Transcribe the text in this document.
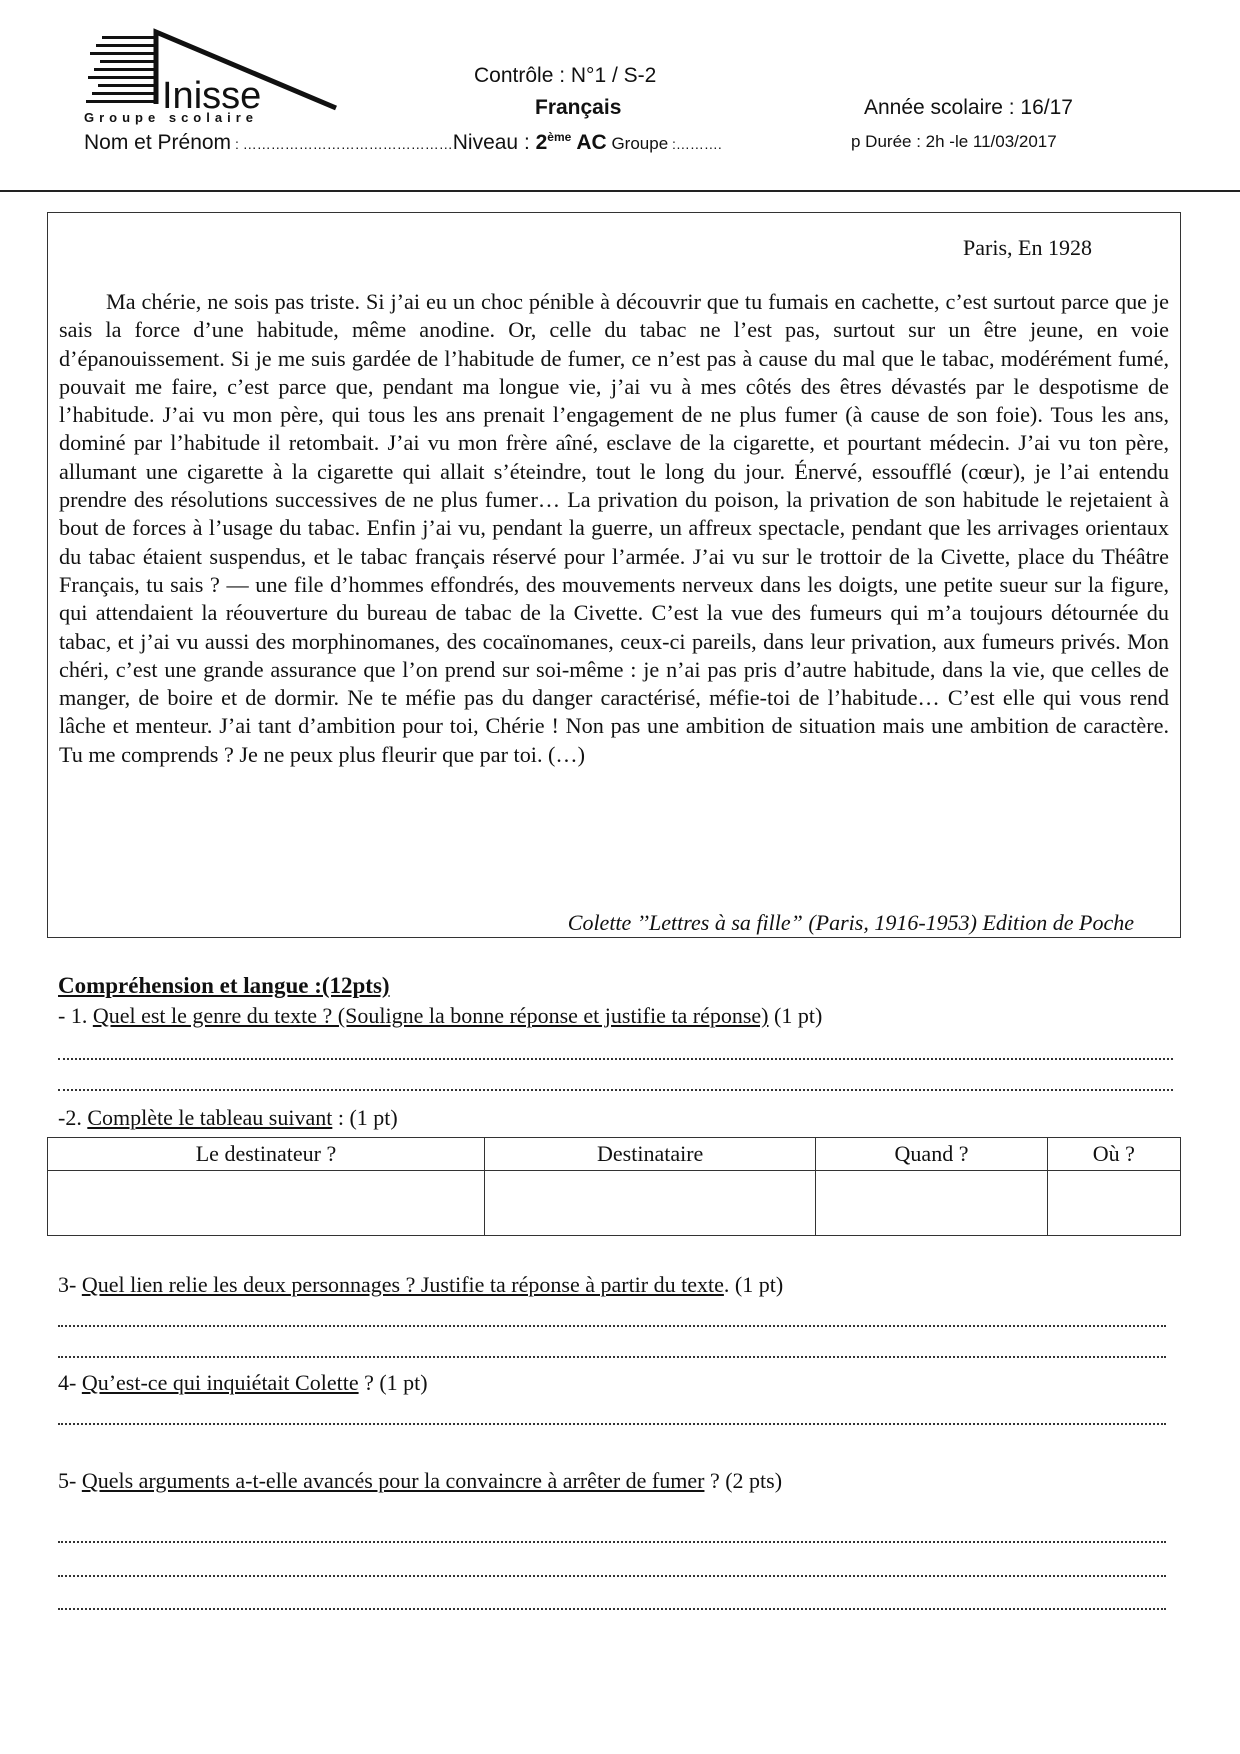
Inisse
Groupe scolaire
Contrôle : N°1 / S-2
Français	Année scolaire : 16/17
Nom et Prénom : ………………………………………Niveau : 2ème AC Groupe :……….	p Durée : 2h -le 11/03/2017
Paris, En 1928

Ma chérie, ne sois pas triste. Si j’ai eu un choc pénible à découvrir que tu fumais en cachette, c’est surtout parce que je sais la force d’une habitude, même anodine. Or, celle du tabac ne l’est pas, surtout sur un être jeune, en voie d’épanouissement. Si je me suis gardée de l’habitude de fumer, ce n’est pas à cause du mal que le tabac, modérément fumé, pouvait me faire, c’est parce que, pendant ma longue vie, j’ai vu à mes côtés des êtres dévastés par le despotisme de l’habitude. J’ai vu mon père, qui tous les ans prenait l’engagement de ne plus fumer (à cause de son foie). Tous les ans, dominé par l’habitude il retombait. J’ai vu mon frère aîné, esclave de la cigarette, et pourtant médecin. J’ai vu ton père, allumant une cigarette à la cigarette qui allait s’éteindre, tout le long du jour. Énervé, essoufflé (cœur), je l’ai entendu prendre des résolutions successives de ne plus fumer… La privation du poison, la privation de son habitude le rejetaient à bout de forces à l’usage du tabac. Enfin j’ai vu, pendant la guerre, un affreux spectacle, pendant que les arrivages orientaux du tabac étaient suspendus, et le tabac français réservé pour l’armée. J’ai vu sur le trottoir de la Civette, place du Théâtre Français, tu sais ? — une file d’hommes effondrés, des mouvements nerveux dans les doigts, une petite sueur sur la figure, qui attendaient la réouverture du bureau de tabac de la Civette. C’est la vue des fumeurs qui m’a toujours détournée du tabac, et j’ai vu aussi des morphinomanes, des cocaïnomanes, ceux-ci pareils, dans leur privation, aux fumeurs privés. Mon chéri, c’est une grande assurance que l’on prend sur soi-même : je n’ai pas pris d’autre habitude, dans la vie, que celles de manger, de boire et de dormir. Ne te méfie pas du danger caractérisé, méfie-toi de l’habitude… C’est elle qui vous rend lâche et menteur. J’ai tant d’ambition pour toi, Chérie ! Non pas une ambition de situation mais une ambition de caractère. Tu me comprends ? Je ne peux plus fleurir que par toi. (…)

Colette ’’Lettres à sa fille” (Paris, 1916-1953) Edition de Poche
Compréhension et langue :(12pts)
- 1. Quel est le genre du texte ? (Souligne la bonne réponse et justifie ta réponse) (1 pt)
-2. Complète le tableau suivant : (1 pt)
Le destinateur ?	Destinataire	Quand ?	Où ?

3- Quel lien relie les deux personnages ? Justifie ta réponse à partir du texte. (1 pt)
4- Qu’est-ce qui inquiétait Colette ? (1 pt)
5- Quels arguments a-t-elle avancés pour la convaincre à arrêter de fumer ? (2 pts)
